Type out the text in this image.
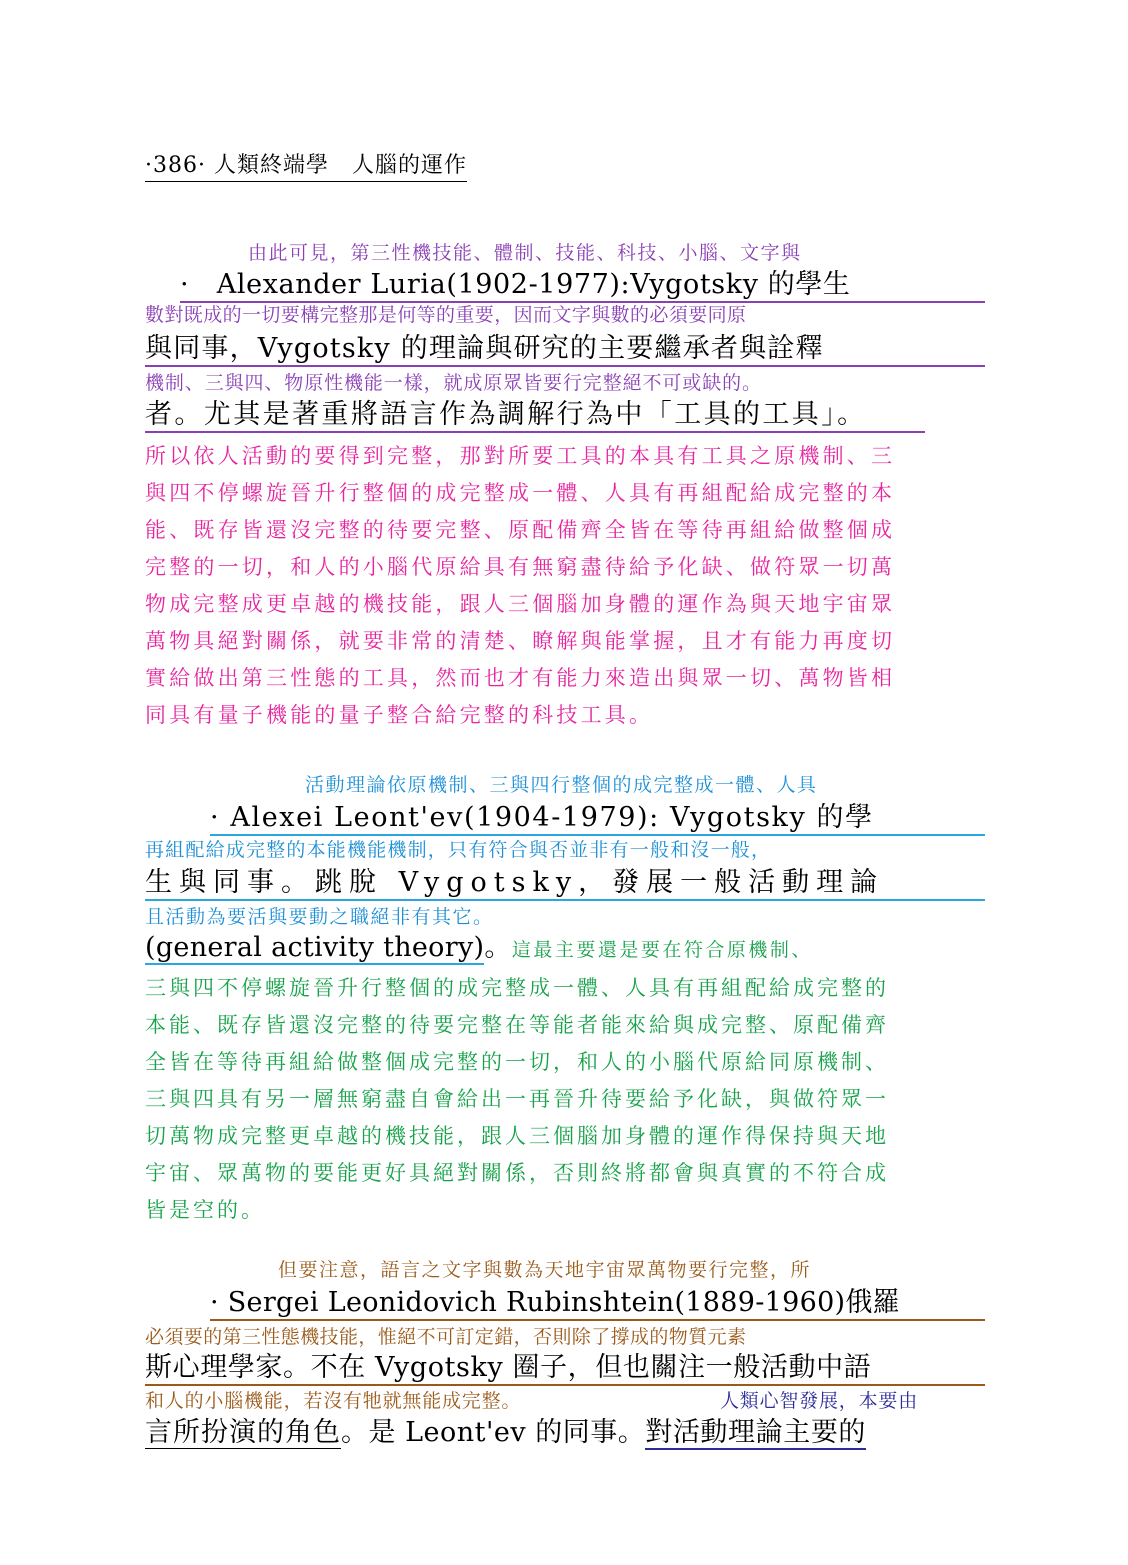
·386· 人類終端學　人腦的運作
由此可見，第三性機技能、體制、技能、科技、小腦、文字與
·　Alexander Luria(1902-1977):Vygotsky 的學生
數對既成的一切要構完整那是何等的重要，因而文字與數的必須要同原
與同事，Vygotsky 的理論與研究的主要繼承者與詮釋
機制、三與四、物原性機能一樣，就成原眾皆要行完整絕不可或缺的。
者。尤其是著重將語言作為調解行為中「工具的工具」。
所以依人活動的要得到完整，那對所要工具的本具有工具之原機制、三
與四不停螺旋晉升行整個的成完整成一體、人具有再組配給成完整的本
能、既存皆還沒完整的待要完整、原配備齊全皆在等待再組給做整個成
完整的一切，和人的小腦代原給具有無窮盡待給予化缺、做符眾一切萬
物成完整成更卓越的機技能，跟人三個腦加身體的運作為與天地宇宙眾
萬物具絕對關係，就要非常的清楚、瞭解與能掌握，且才有能力再度切
實給做出第三性態的工具，然而也才有能力來造出與眾一切、萬物皆相
同具有量子機能的量子整合給完整的科技工具。
活動理論依原機制、三與四行整個的成完整成一體、人具
· Alexei Leont'ev(1904-1979): Vygotsky 的學
再組配給成完整的本能機能機制，只有符合與否並非有一般和沒一般，
生與同事。跳脫 Vygotsky，發展一般活動理論
且活動為要活與要動之職絕非有其它。
(general activity theory)。這最主要還是要在符合原機制、
三與四不停螺旋晉升行整個的成完整成一體、人具有再組配給成完整的
本能、既存皆還沒完整的待要完整在等能者能來給與成完整、原配備齊
全皆在等待再組給做整個成完整的一切，和人的小腦代原給同原機制、
三與四具有另一層無窮盡自會給出一再晉升待要給予化缺，與做符眾一
切萬物成完整更卓越的機技能，跟人三個腦加身體的運作得保持與天地
宇宙、眾萬物的要能更好具絕對關係，否則終將都會與真實的不符合成
皆是空的。
但要注意，語言之文字與數為天地宇宙眾萬物要行完整，所
· Sergei Leonidovich Rubinshtein(1889-1960)俄羅
必須要的第三性態機技能，惟絕不可訂定錯，否則除了撐成的物質元素
斯心理學家。不在 Vygotsky 圈子，但也關注一般活動中語
和人的小腦機能，若沒有牠就無能成完整。	人類心智發展，本要由
言所扮演的角色。是 Leont'ev 的同事。對活動理論主要的
